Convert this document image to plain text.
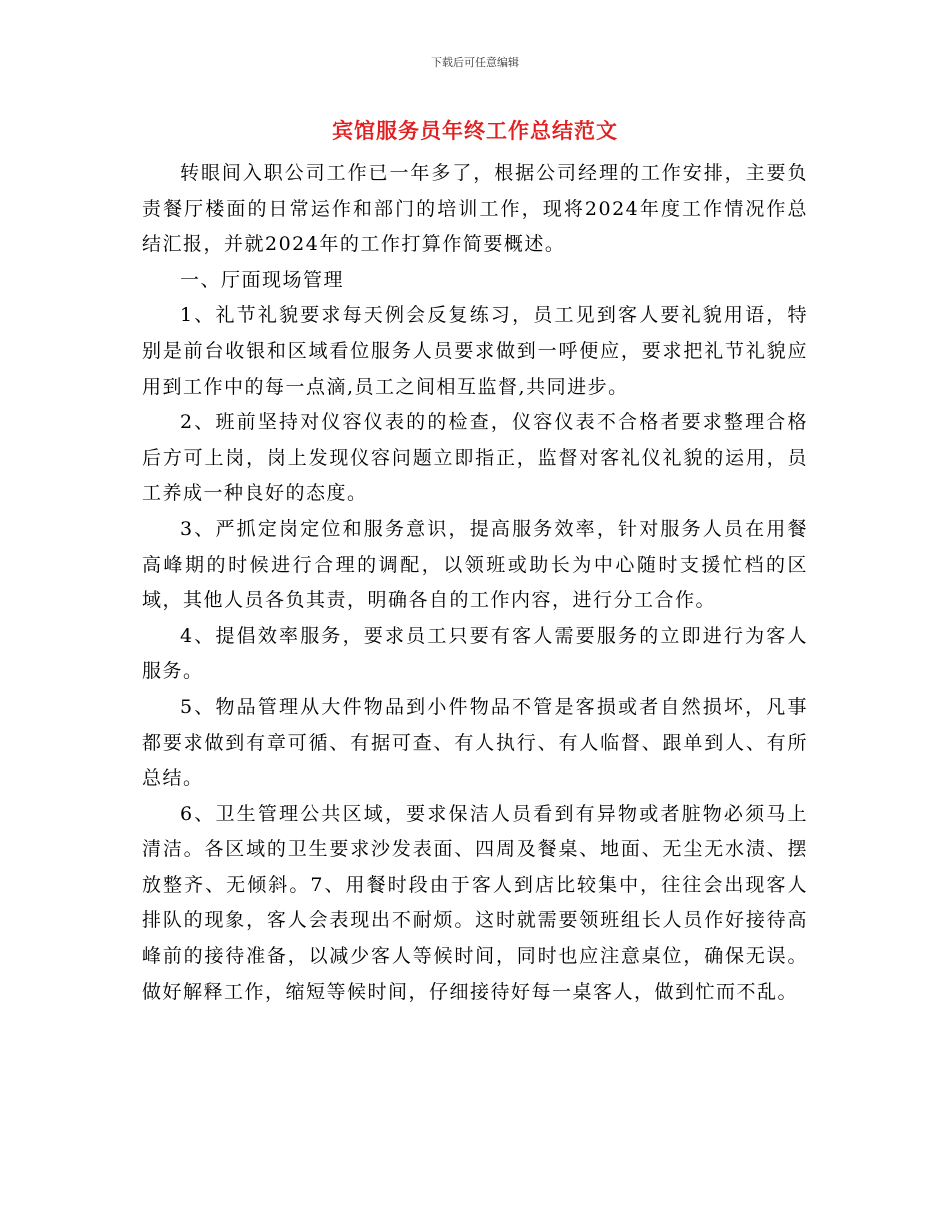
下载后可任意编辑
宾馆服务员年终工作总结范文

转眼间入职公司工作已一年多了，根据公司经理的工作安排，主要负责餐厅楼面的日常运作和部门的培训工作，现将2024年度工作情况作总结汇报，并就2024年的工作打算作简要概述。

一、厅面现场管理

1、礼节礼貌要求每天例会反复练习，员工见到客人要礼貌用语，特别是前台收银和区域看位服务人员要求做到一呼便应，要求把礼节礼貌应用到工作中的每一点滴,员工之间相互监督,共同进步。

2、班前坚持对仪容仪表的的检查，仪容仪表不合格者要求整理合格后方可上岗，岗上发现仪容问题立即指正，监督对客礼仪礼貌的运用，员工养成一种良好的态度。

3、严抓定岗定位和服务意识，提高服务效率，针对服务人员在用餐高峰期的时候进行合理的调配，以领班或助长为中心随时支援忙档的区域，其他人员各负其责，明确各自的工作内容，进行分工合作。

4、提倡效率服务，要求员工只要有客人需要服务的立即进行为客人服务。

5、物品管理从大件物品到小件物品不管是客损或者自然损坏，凡事都要求做到有章可循、有据可查、有人执行、有人临督、跟单到人、有所总结。

6、卫生管理公共区域，要求保洁人员看到有异物或者脏物必须马上清洁。各区域的卫生要求沙发表面、四周及餐桌、地面、无尘无水渍、摆放整齐、无倾斜。7、用餐时段由于客人到店比较集中，往往会出现客人排队的现象，客人会表现出不耐烦。这时就需要领班组长人员作好接待高峰前的接待准备，以减少客人等候时间，同时也应注意桌位，确保无误。做好解释工作，缩短等候时间，仔细接待好每一桌客人，做到忙而不乱。
